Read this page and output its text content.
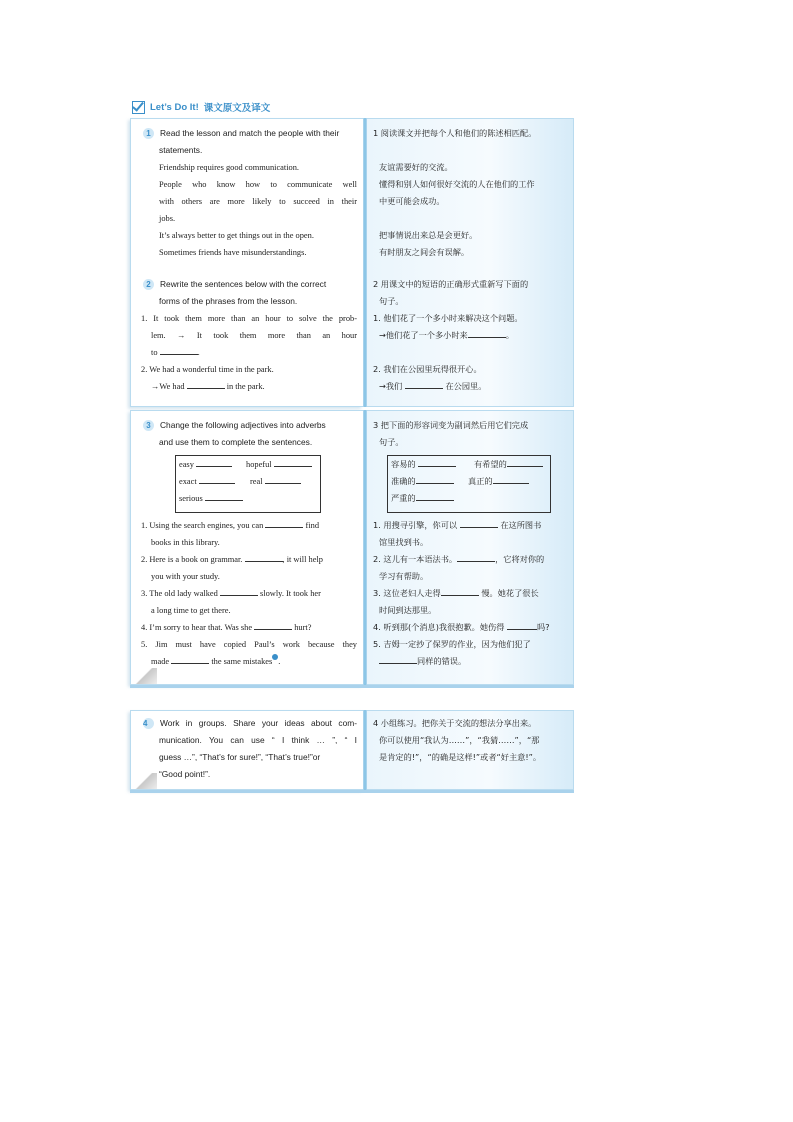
Let’s Do It! 课文原文及译文
1 Read the lesson and match the people with their
statements.
Friendship requires good communication.
People who know how to communicate well
with others are more likely to succeed in their
jobs.
It’s always better to get things out in the open.
Sometimes friends have misunderstandings.
2 Rewrite the sentences below with the correct
forms of the phrases from the lesson.
1. It took them more than an hour to solve the prob-
lem. → It took them more than an hour
to	.
2. We had a wonderful time in the park.
→We had	in the park.
1 阅读课文并把每个人和他们的陈述相匹配。
友谊需要好的交流。
懂得和别人如何很好交流的人在他们的工作
中更可能会成功。
把事情说出来总是会更好。
有时朋友之间会有误解。
2 用课文中的短语的正确形式重新写下面的
句子。
1. 他们花了一个多小时来解决这个问题。
→他们花了一个多小时来	。
2. 我们在公园里玩得很开心。
→我们	在公园里。
3 Change the following adjectives into adverbs
and use them to complete the sentences.
easy	hopeful
exact	real
serious
1. Using the search engines, you can	find
books in this library.
2. Here is a book on grammar.	, it will help
you with your study.
3. The old lady walked	slowly. It took her
a long time to get there.
4. I’m sorry to hear that. Was she	hurt?
5. Jim must have copied Paul’s work because they
made	the same mistakes .
3 把下面的形容词变为副词然后用它们完成
句子。
容易的	有希望的
准确的	真正的
严重的
1. 用搜寻引擎，你可以	在这所图书
馆里找到书。
2. 这儿有一本语法书。	，它将对你的
学习有帮助。
3. 这位老妇人走得	慢。她花了很长
时间到达那里。
4. 听到那(个消息)我很抱歉。她伤得	吗?
5. 吉姆一定抄了保罗的作业，因为他们犯了
同样的错误。
4 Work in groups. Share your ideas about com-
munication. You can use “ I think … ”, “ I
guess …”, “That’s for sure!”, “That’s true!”or
“Good point!”.
4 小组练习。把你关于交流的想法分享出来。
你可以使用“我认为……”，“我猜……”，“那
是肯定的!”，“的确是这样!”或者“好主意!”。
